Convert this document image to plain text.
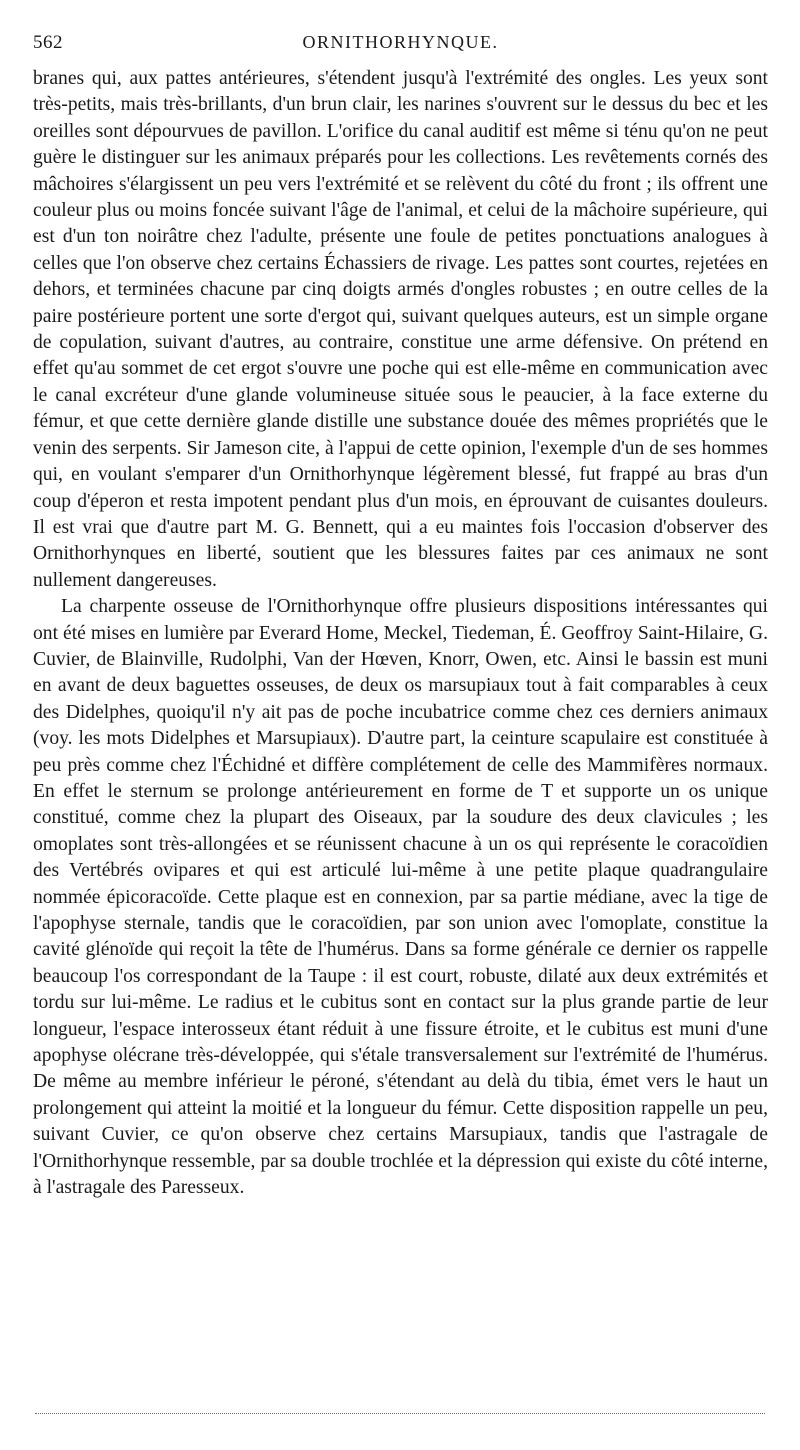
562	ORNITHORHYNQUE.

branes qui, aux pattes antérieures, s'étendent jusqu'à l'extrémité des ongles. Les yeux sont très-petits, mais très-brillants, d'un brun clair, les narines s'ouvrent sur le dessus du bec et les oreilles sont dépourvues de pavillon. L'orifice du canal auditif est même si ténu qu'on ne peut guère le distinguer sur les animaux préparés pour les collections. Les revêtements cornés des mâchoires s'élargissent un peu vers l'extrémité et se relèvent du côté du front ; ils offrent une couleur plus ou moins foncée suivant l'âge de l'animal, et celui de la mâchoire supérieure, qui est d'un ton noirâtre chez l'adulte, présente une foule de petites ponctuations analogues à celles que l'on observe chez certains Échassiers de rivage. Les pattes sont courtes, rejetées en dehors, et terminées chacune par cinq doigts armés d'ongles robustes ; en outre celles de la paire postérieure portent une sorte d'ergot qui, suivant quelques auteurs, est un simple organe de copulation, suivant d'autres, au contraire, constitue une arme défensive. On prétend en effet qu'au sommet de cet ergot s'ouvre une poche qui est elle-même en communication avec le canal excréteur d'une glande volumineuse située sous le peaucier, à la face externe du fémur, et que cette dernière glande distille une substance douée des mêmes propriétés que le venin des serpents. Sir Jameson cite, à l'appui de cette opinion, l'exemple d'un de ses hommes qui, en voulant s'emparer d'un Ornithorhynque légèrement blessé, fut frappé au bras d'un coup d'éperon et resta impotent pendant plus d'un mois, en éprouvant de cuisantes douleurs. Il est vrai que d'autre part M. G. Bennett, qui a eu maintes fois l'occasion d'observer des Ornithorhynques en liberté, soutient que les blessures faites par ces animaux ne sont nullement dangereuses.

La charpente osseuse de l'Ornithorhynque offre plusieurs dispositions intéressantes qui ont été mises en lumière par Everard Home, Meckel, Tiedeman, É. Geoffroy Saint-Hilaire, G. Cuvier, de Blainville, Rudolphi, Van der Hœven, Knorr, Owen, etc. Ainsi le bassin est muni en avant de deux baguettes osseuses, de deux os marsupiaux tout à fait comparables à ceux des Didelphes, quoiqu'il n'y ait pas de poche incubatrice comme chez ces derniers animaux (voy. les mots Didelphes et Marsupiaux). D'autre part, la ceinture scapulaire est constituée à peu près comme chez l'Échidné et diffère complétement de celle des Mammifères normaux. En effet le sternum se prolonge antérieurement en forme de T et supporte un os unique constitué, comme chez la plupart des Oiseaux, par la soudure des deux clavicules ; les omoplates sont très-allongées et se réunissent chacune à un os qui représente le coracoïdien des Vertébrés ovipares et qui est articulé lui-même à une petite plaque quadrangulaire nommée épicoracoïde. Cette plaque est en connexion, par sa partie médiane, avec la tige de l'apophyse sternale, tandis que le coracoïdien, par son union avec l'omoplate, constitue la cavité glénoïde qui reçoit la tête de l'humérus. Dans sa forme générale ce dernier os rappelle beaucoup l'os correspondant de la Taupe : il est court, robuste, dilaté aux deux extrémités et tordu sur lui-même. Le radius et le cubitus sont en contact sur la plus grande partie de leur longueur, l'espace interosseux étant réduit à une fissure étroite, et le cubitus est muni d'une apophyse olécrane très-développée, qui s'étale transversalement sur l'extrémité de l'humérus. De même au membre inférieur le péroné, s'étendant au delà du tibia, émet vers le haut un prolongement qui atteint la moitié et la longueur du fémur. Cette disposition rappelle un peu, suivant Cuvier, ce qu'on observe chez certains Marsupiaux, tandis que l'astragale de l'Ornithorhynque ressemble, par sa double trochlée et la dépression qui existe du côté interne, à l'astragale des Paresseux.
